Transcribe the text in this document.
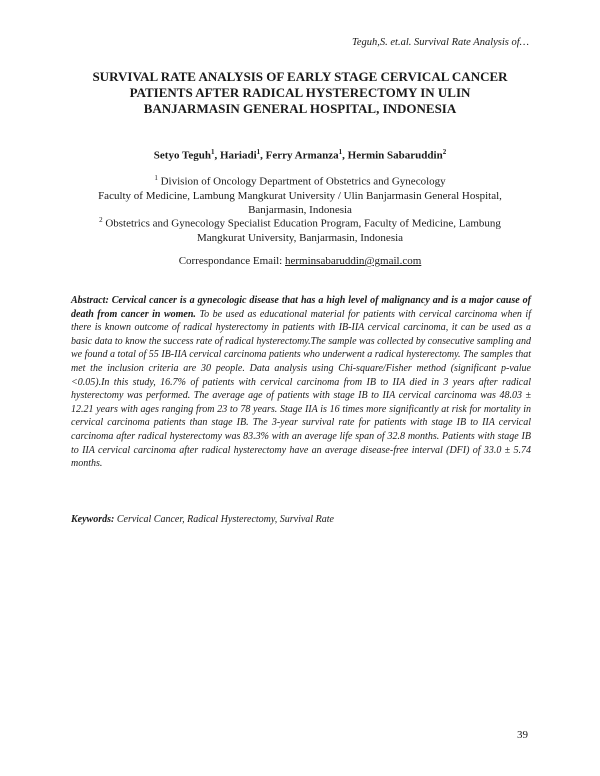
Teguh,S. et.al. Survival Rate Analysis of…
SURVIVAL RATE ANALYSIS OF EARLY STAGE CERVICAL CANCER
PATIENTS AFTER RADICAL HYSTERECTOMY IN ULIN
BANJARMASIN GENERAL HOSPITAL, INDONESIA
Setyo Teguh$^1$, Hariadi$^1$, Ferry Armanza$^1$, Hermin Sabaruddin$^2$
$^1$ Division of Oncology Department of Obstetrics and Gynecology
Faculty of Medicine, Lambung Mangkurat University / Ulin Banjarmasin General Hospital,
Banjarmasin, Indonesia
$^2$ Obstetrics and Gynecology Specialist Education Program, Faculty of Medicine, Lambung
Mangkurat University, Banjarmasin, Indonesia
Correspondance Email: herminsabaruddin@gmail.com
Abstract: Cervical cancer is a gynecologic disease that has a high level of malignancy and is a major cause of death from cancer in women. To be used as educational material for patients with cervical carcinoma when if there is known outcome of radical hysterectomy in patients with IB-IIA cervical carcinoma, it can be used as a basic data to know the success rate of radical hysterectomy.The sample was collected by consecutive sampling and we found a total of 55 IB-IIA cervical carcinoma patients who underwent a radical hysterectomy. The samples that met the inclusion criteria are 30 people. Data analysis using Chi-square/Fisher method (significant p-value <0.05).In this study, 16.7% of patients with cervical carcinoma from IB to IIA died in 3 years after radical hysterectomy was performed. The average age of patients with stage IB to IIA cervical carcinoma was 48.03 ± 12.21 years with ages ranging from 23 to 78 years. Stage IIA is 16 times more significantly at risk for mortality in cervical carcinoma patients than stage IB. The 3-year survival rate for patients with stage IB to IIA cervical carcinoma after radical hysterectomy was 83.3% with an average life span of 32.8 months. Patients with stage IB to IIA cervical carcinoma after radical hysterectomy have an average disease-free interval (DFI) of 33.0 ± 5.74 months.
Keywords: Cervical Cancer, Radical Hysterectomy, Survival Rate
39
